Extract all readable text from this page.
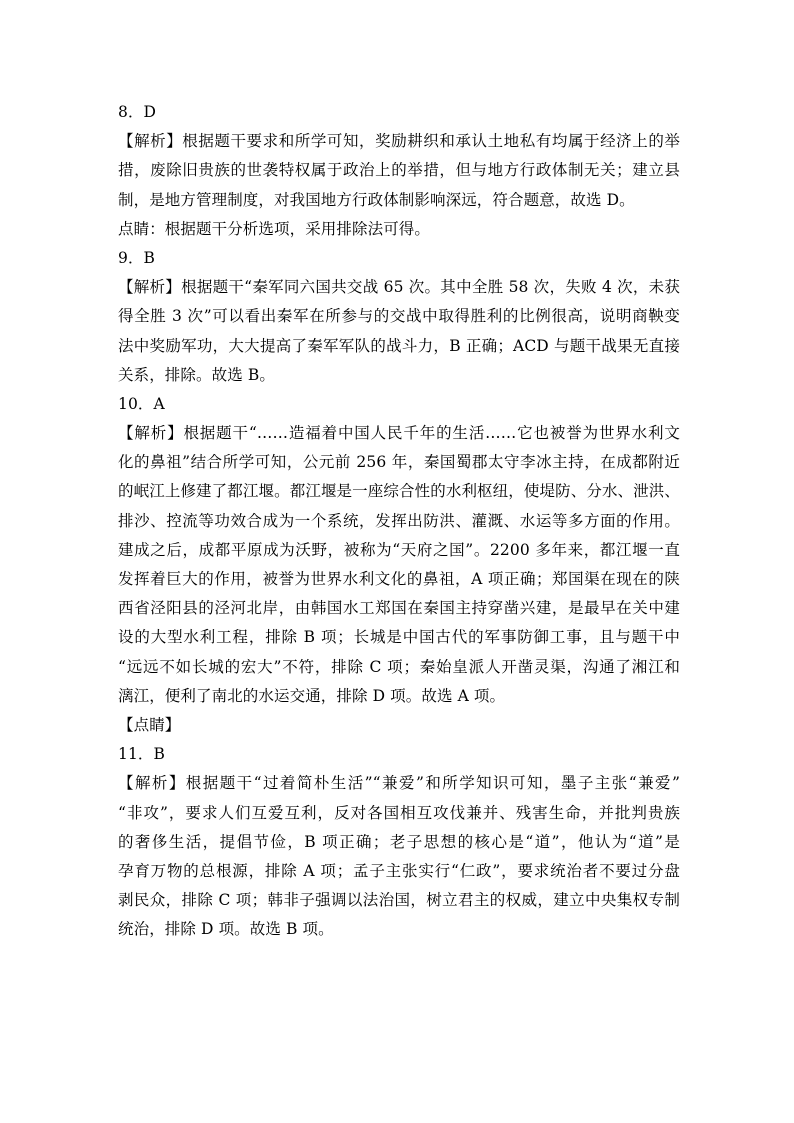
8．D
【解析】根据题干要求和所学可知，奖励耕织和承认土地私有均属于经济上的举
措，废除旧贵族的世袭特权属于政治上的举措，但与地方行政体制无关；建立县
制，是地方管理制度，对我国地方行政体制影响深远，符合题意，故选 D。
点睛：根据题干分析选项，采用排除法可得。
9．B
【解析】根据题干“秦军同六国共交战 65 次。其中全胜 58 次，失败 4 次，未获
得全胜 3 次”可以看出秦军在所参与的交战中取得胜利的比例很高，说明商鞅变
法中奖励军功，大大提高了秦军军队的战斗力，B 正确；ACD 与题干战果无直接
关系，排除。故选 B。
10．A
【解析】根据题干“……造福着中国人民千年的生活……它也被誉为世界水利文
化的鼻祖”结合所学可知，公元前 256 年，秦国蜀郡太守李冰主持，在成都附近
的岷江上修建了都江堰。都江堰是一座综合性的水利枢纽，使堤防、分水、泄洪、
排沙、控流等功效合成为一个系统，发挥出防洪、灌溉、水运等多方面的作用。
建成之后，成都平原成为沃野，被称为“天府之国”。2200 多年来，都江堰一直
发挥着巨大的作用，被誉为世界水利文化的鼻祖，A 项正确；郑国渠在现在的陕
西省泾阳县的泾河北岸，由韩国水工郑国在秦国主持穿凿兴建，是最早在关中建
设的大型水利工程，排除 B 项；长城是中国古代的军事防御工事，且与题干中
“远远不如长城的宏大”不符，排除 C 项；秦始皇派人开凿灵渠，沟通了湘江和
漓江，便利了南北的水运交通，排除 D 项。故选 A 项。
【点睛】
11．B
【解析】根据题干“过着简朴生活”“兼爱”和所学知识可知，墨子主张“兼爱”
“非攻”，要求人们互爱互利，反对各国相互攻伐兼并、残害生命，并批判贵族
的奢侈生活，提倡节俭，B 项正确；老子思想的核心是“道”，他认为“道”是
孕育万物的总根源，排除 A 项；孟子主张实行“仁政”，要求统治者不要过分盘
剥民众，排除 C 项；韩非子强调以法治国，树立君主的权威，建立中央集权专制
统治，排除 D 项。故选 B 项。
